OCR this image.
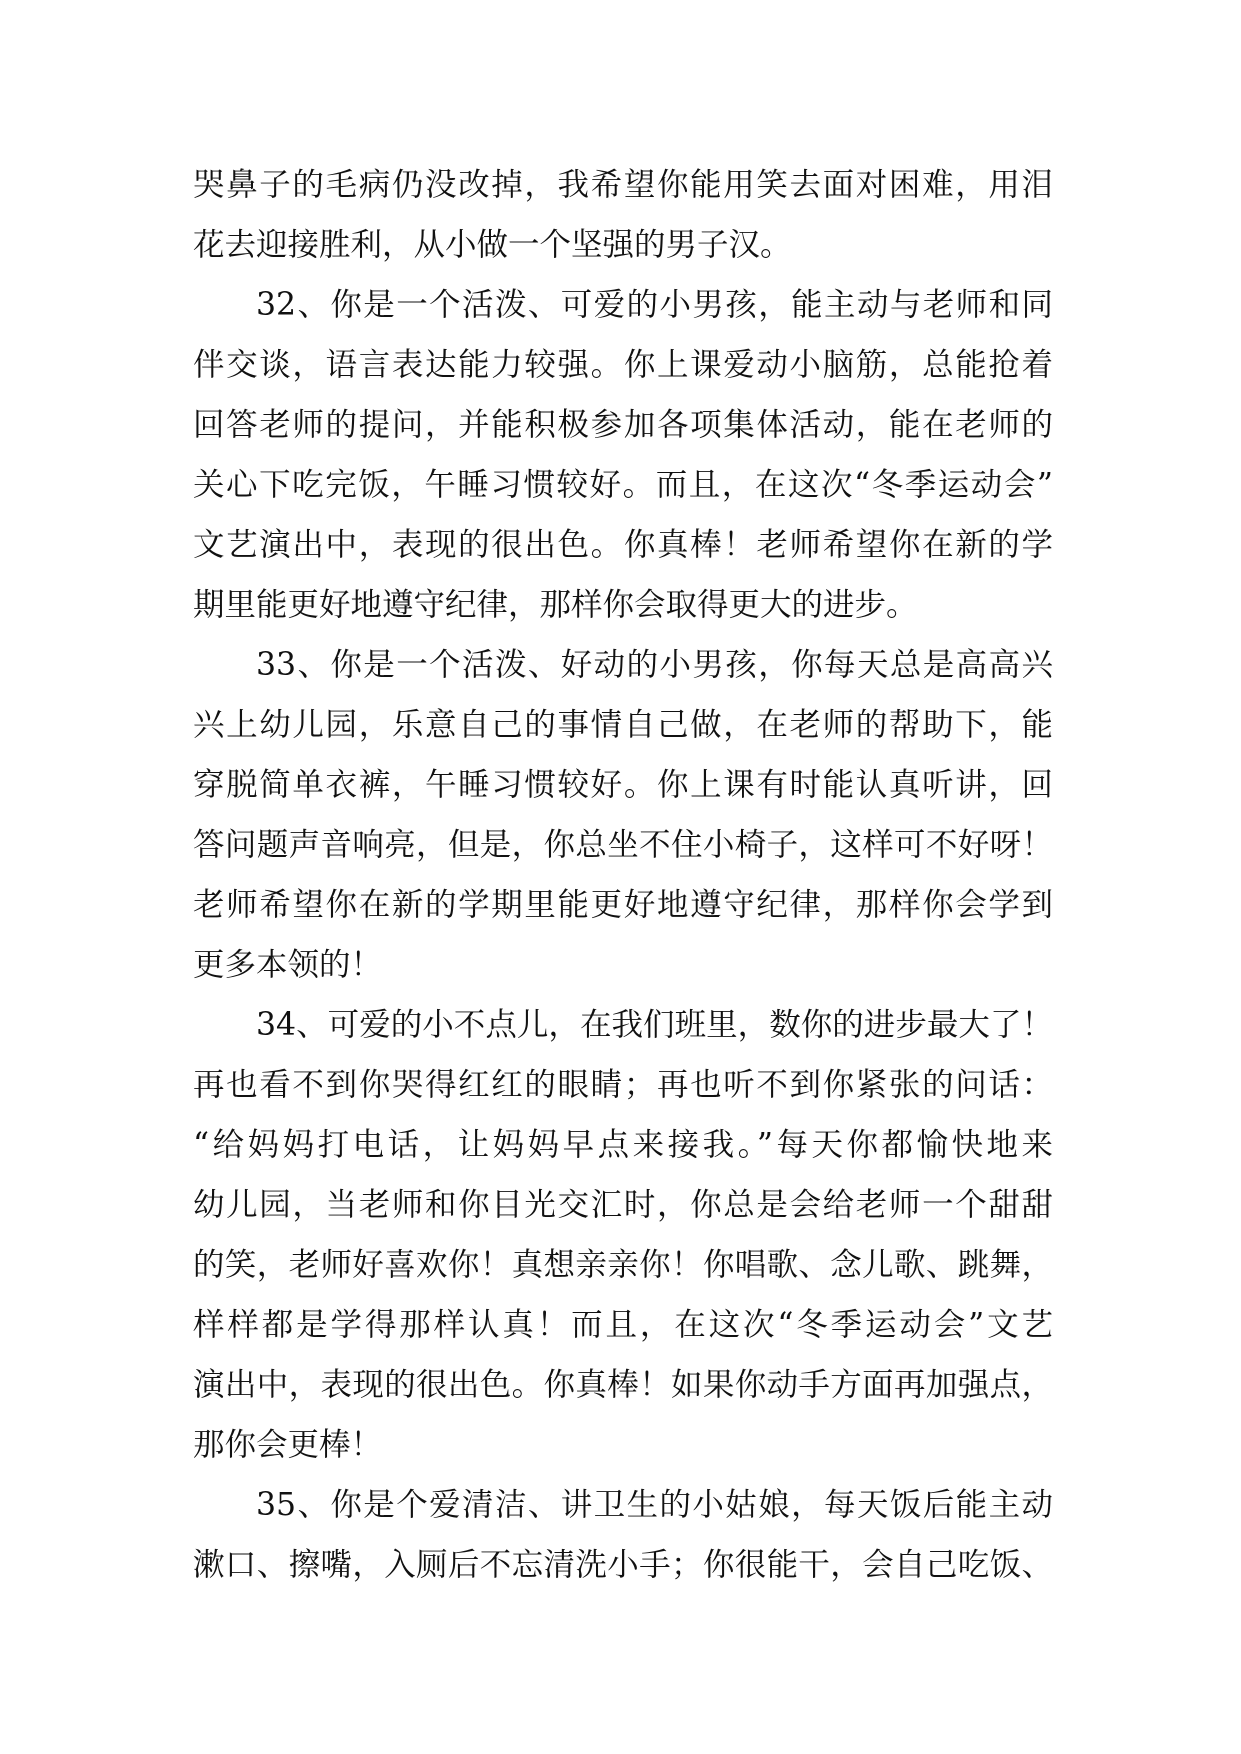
哭鼻子的毛病仍没改掉，我希望你能用笑去面对困难，用泪
花去迎接胜利，从小做一个坚强的男子汉。
32、你是一个活泼、可爱的小男孩，能主动与老师和同
伴交谈，语言表达能力较强。你上课爱动小脑筋，总能抢着
回答老师的提问，并能积极参加各项集体活动，能在老师的
关心下吃完饭，午睡习惯较好。而且，在这次“冬季运动会”
文艺演出中，表现的很出色。你真棒！老师希望你在新的学
期里能更好地遵守纪律，那样你会取得更大的进步。
33、你是一个活泼、好动的小男孩，你每天总是高高兴
兴上幼儿园，乐意自己的事情自己做，在老师的帮助下，能
穿脱简单衣裤，午睡习惯较好。你上课有时能认真听讲，回
答问题声音响亮，但是，你总坐不住小椅子，这样可不好呀！
老师希望你在新的学期里能更好地遵守纪律，那样你会学到
更多本领的！
34、可爱的小不点儿，在我们班里，数你的进步最大了！
再也看不到你哭得红红的眼睛；再也听不到你紧张的问话：
“给妈妈打电话，让妈妈早点来接我。”每天你都愉快地来
幼儿园，当老师和你目光交汇时，你总是会给老师一个甜甜
的笑，老师好喜欢你！真想亲亲你！你唱歌、念儿歌、跳舞，
样样都是学得那样认真！而且，在这次“冬季运动会”文艺
演出中，表现的很出色。你真棒！如果你动手方面再加强点，
那你会更棒！
35、你是个爱清洁、讲卫生的小姑娘，每天饭后能主动
漱口、擦嘴，入厕后不忘清洗小手；你很能干，会自己吃饭、
